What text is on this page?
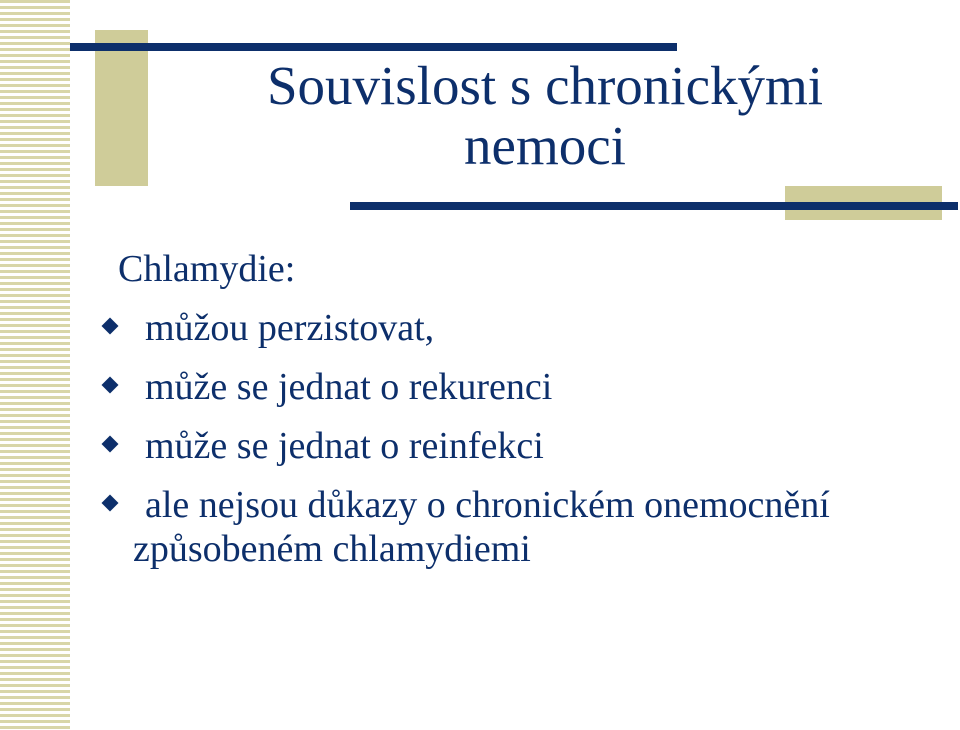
Souvislost s chronickými
nemoci
Chlamydie:
můžou perzistovat,
může se jednat o rekurenci
může se jednat o reinfekci
ale nejsou důkazy o chronickém onemocnění
způsobeném chlamydiemi
